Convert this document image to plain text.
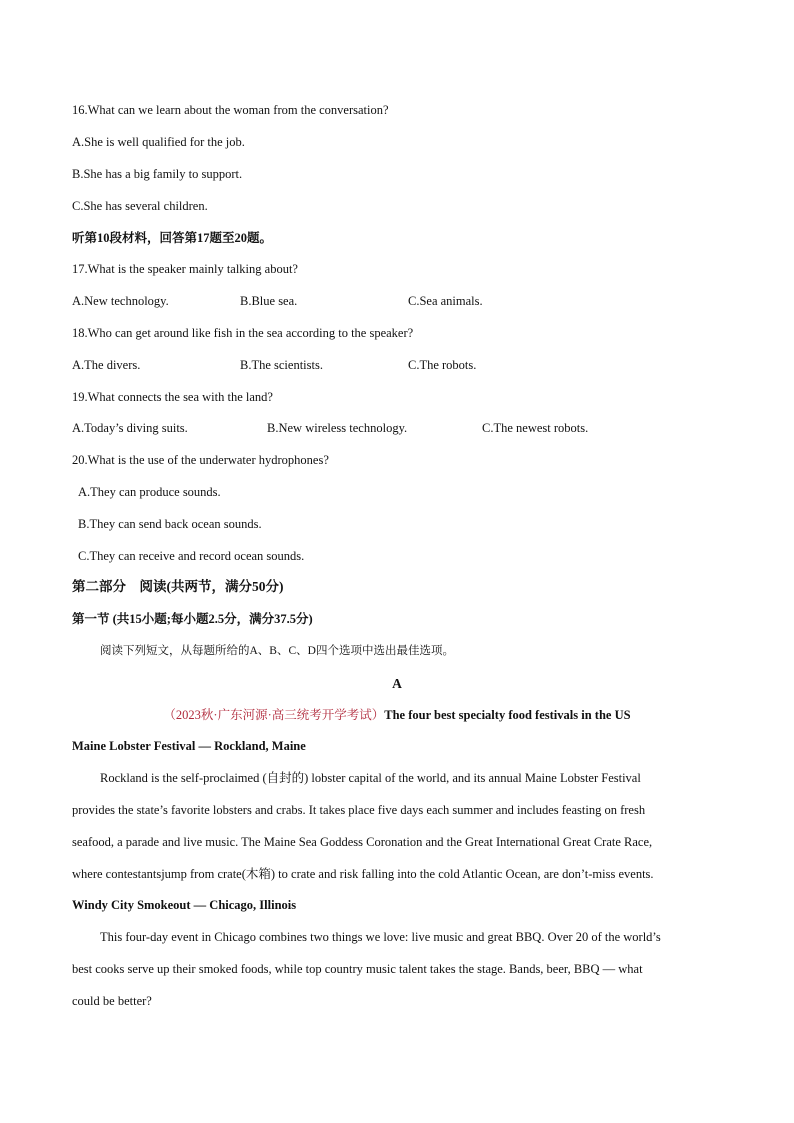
16.What can we learn about the woman from the conversation?
A.She is well qualified for the job.
B.She has a big family to support.
C.She has several children.
听第10段材料，回答第17题至20题。
17.What is the speaker mainly talking about?
A.New technology.	B.Blue sea.	C.Sea animals.
18.Who can get around like fish in the sea according to the speaker?
A.The divers.	B.The scientists.	C.The robots.
19.What connects the sea with the land?
A.Today’s diving suits.	B.New wireless technology.	C.The newest robots.
20.What is the use of the underwater hydrophones?
A.They can produce sounds.
B.They can send back ocean sounds.
C.They can receive and record ocean sounds.
第二部分　阅读(共两节，满分50分)
第一节 (共15小题;每小题2.5分，满分37.5分)
阅读下列短文，从每题所给的A、B、C、D四个选项中选出最佳选项。
A
（2023秋·广东河源·高三统考开学考试）The four best specialty food festivals in the US
Maine Lobster Festival — Rockland, Maine
Rockland is the self-proclaimed (自封的) lobster capital of the world, and its annual Maine Lobster Festival
provides the state’s favorite lobsters and crabs. It takes place five days each summer and includes feasting on fresh
seafood, a parade and live music. The Maine Sea Goddess Coronation and the Great International Great Crate Race,
where contestantsjump from crate(木箱) to crate and risk falling into the cold Atlantic Ocean, are don’t-miss events.
Windy City Smokeout — Chicago, Illinois
This four-day event in Chicago combines two things we love: live music and great BBQ. Over 20 of the world’s
best cooks serve up their smoked foods, while top country music talent takes the stage. Bands, beer, BBQ — what
could be better?
